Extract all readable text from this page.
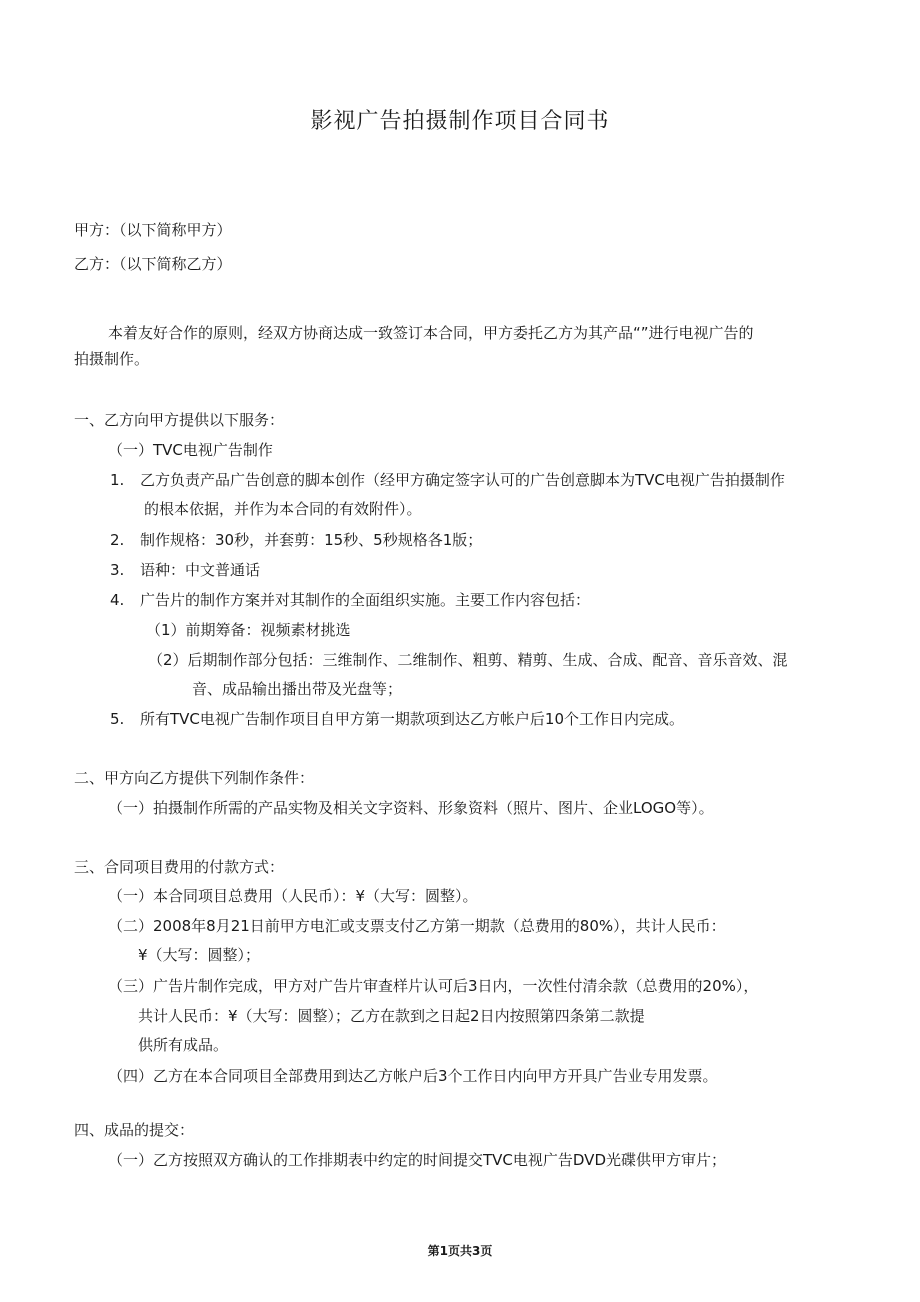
影视广告拍摄制作项目合同书
甲方：（以下简称甲方）
乙方：（以下简称乙方）
本着友好合作的原则，经双方协商达成一致签订本合同，甲方委托乙方为其产品“”进行电视广告的
拍摄制作。
一、乙方向甲方提供以下服务：
（一）TVC电视广告制作
1. 乙方负责产品广告创意的脚本创作（经甲方确定签字认可的广告创意脚本为TVC电视广告拍摄制作
的根本依据，并作为本合同的有效附件）。
2. 制作规格：30秒，并套剪：15秒、5秒规格各1版；
3. 语种：中文普通话
4. 广告片的制作方案并对其制作的全面组织实施。主要工作内容包括：
（1）前期筹备：视频素材挑选
（2）后期制作部分包括：三维制作、二维制作、粗剪、精剪、生成、合成、配音、音乐音效、混
音、成品输出播出带及光盘等；
5. 所有TVC电视广告制作项目自甲方第一期款项到达乙方帐户后10个工作日内完成。
二、甲方向乙方提供下列制作条件：
（一）拍摄制作所需的产品实物及相关文字资料、形象资料（照片、图片、企业LOGO等）。
三、合同项目费用的付款方式：
（一）本合同项目总费用（人民币）：¥（大写：圆整）。
（二）2008年8月21日前甲方电汇或支票支付乙方第一期款（总费用的80%），共计人民币：
¥（大写：圆整）；
（三）广告片制作完成，甲方对广告片审查样片认可后3日内，一次性付清余款（总费用的20%），
共计人民币：¥（大写：圆整）；乙方在款到之日起2日内按照第四条第二款提
供所有成品。
（四）乙方在本合同项目全部费用到达乙方帐户后3个工作日内向甲方开具广告业专用发票。
四、成品的提交：
（一）乙方按照双方确认的工作排期表中约定的时间提交TVC电视广告DVD光碟供甲方审片；
第1页共3页
